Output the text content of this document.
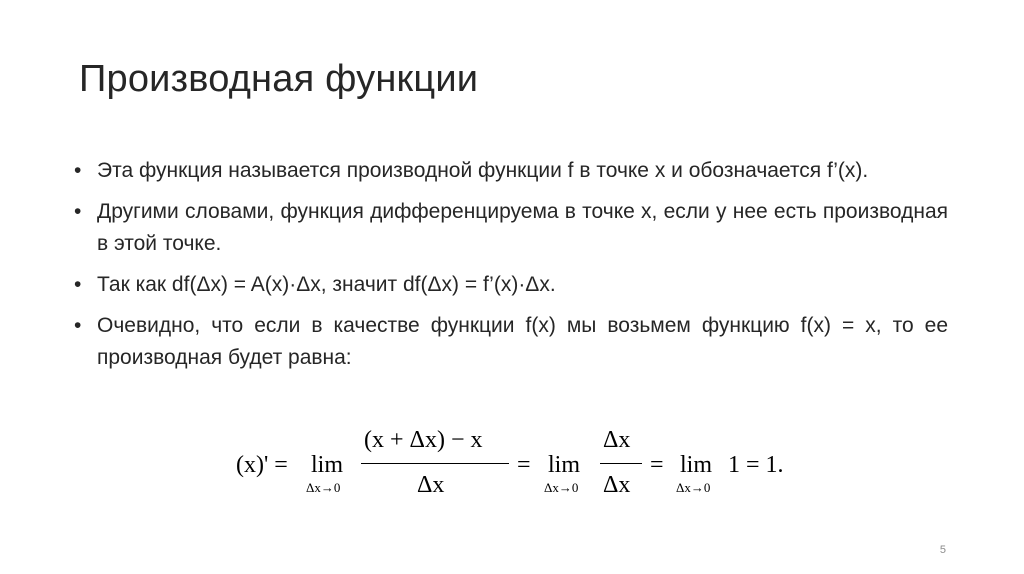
Производная функции
• Эта функция называется производной функции f в точке x и обозначается f’(x).
• Другими словами, функция дифференцируема в точке x, если у нее есть производная в этой точке.
• Так как df(Δx) = A(x)·Δx, значит df(Δx) = f’(x)·Δx.
• Очевидно, что если в качестве функции f(x) мы возьмем функцию f(x) = x, то ее производная будет равна:
(x)' = lim
Δx→0
(x + Δx) − x
Δx
= lim
Δx→0
Δx
Δx
= lim
Δx→0
1 = 1.
5
